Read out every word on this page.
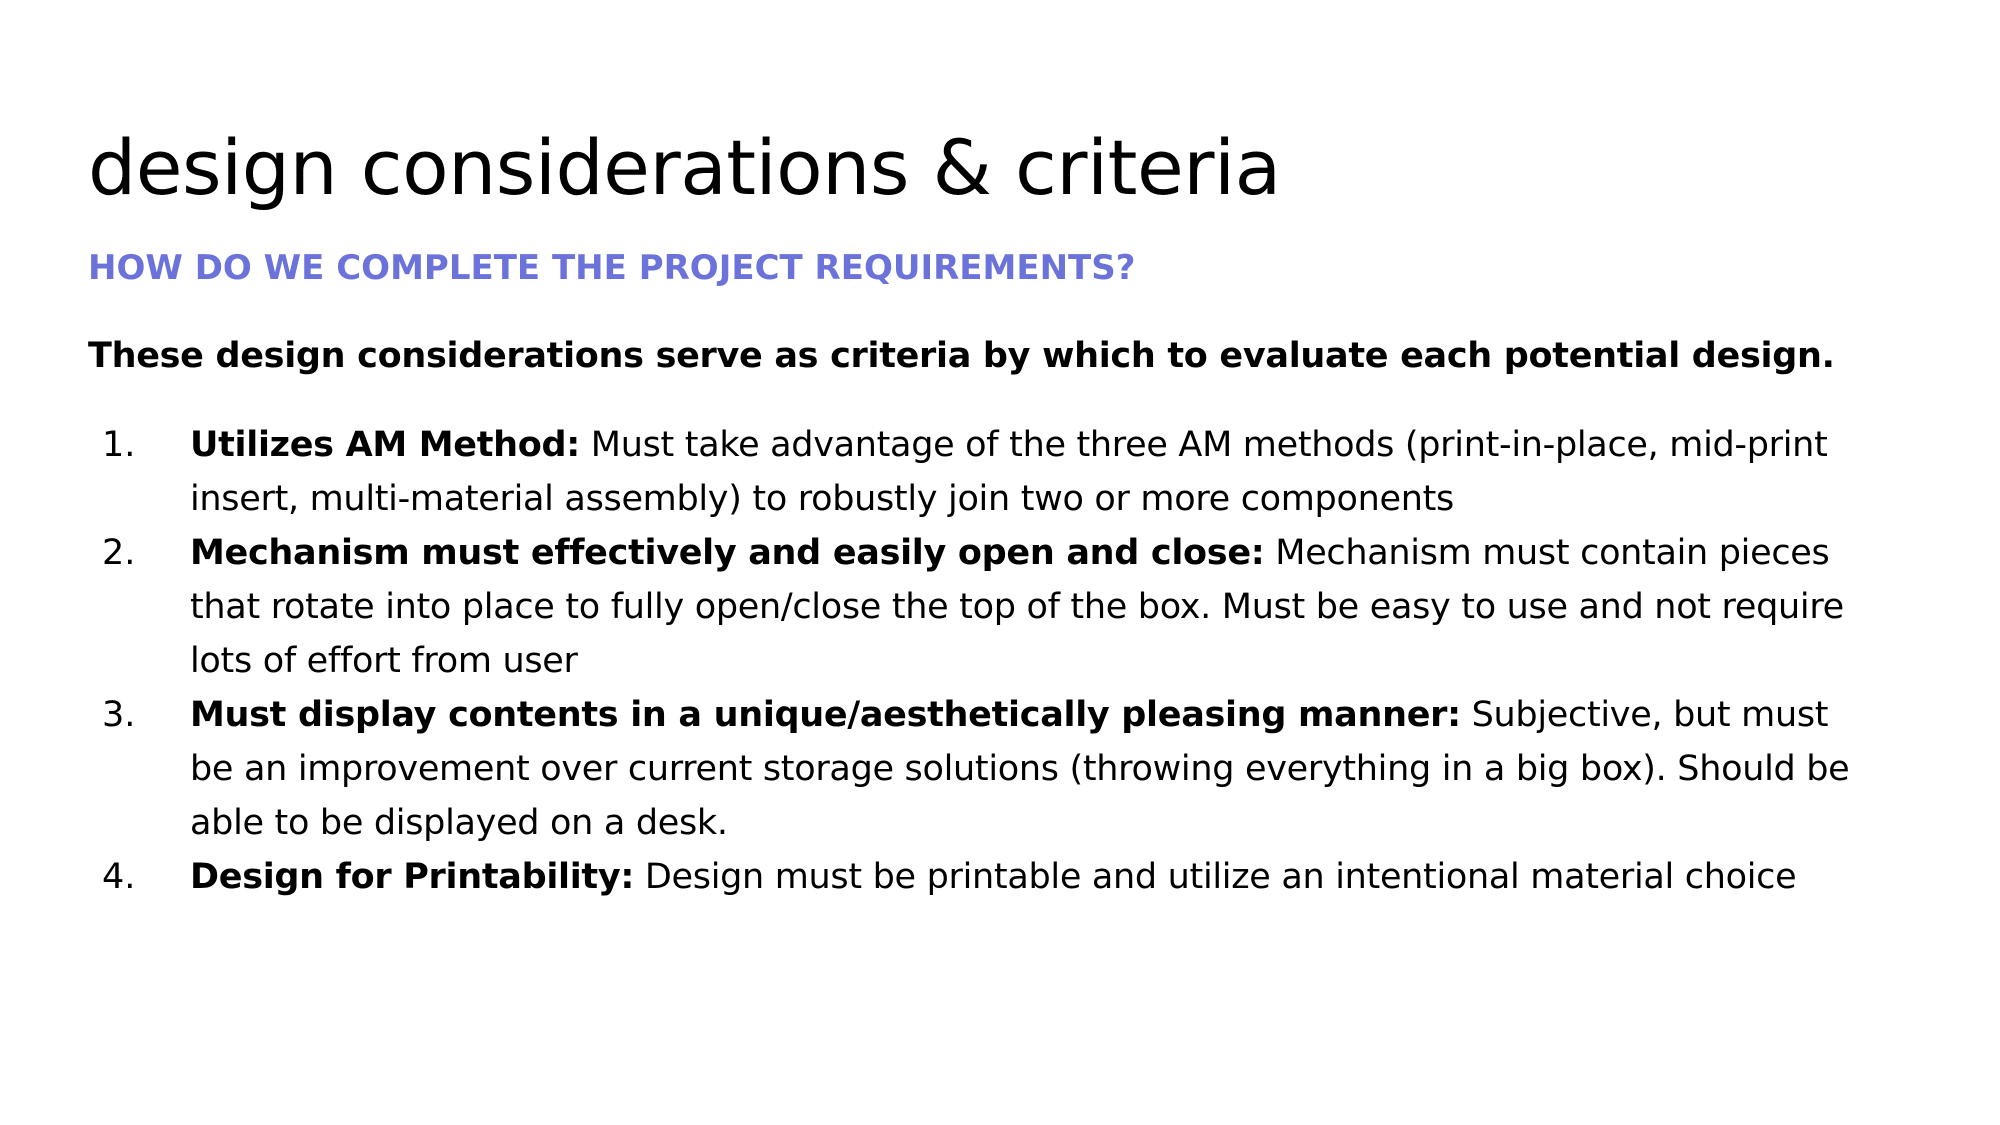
design considerations & criteria
HOW DO WE COMPLETE THE PROJECT REQUIREMENTS?

These design considerations serve as criteria by which to evaluate each potential design.

1.	Utilizes AM Method: Must take advantage of the three AM methods (print-in-place, mid-print insert, multi-material assembly) to robustly join two or more components
2.	Mechanism must effectively and easily open and close: Mechanism must contain pieces that rotate into place to fully open/close the top of the box. Must be easy to use and not require lots of effort from user
3.	Must display contents in a unique/aesthetically pleasing manner: Subjective, but must be an improvement over current storage solutions (throwing everything in a big box). Should be able to be displayed on a desk.
4.	Design for Printability: Design must be printable and utilize an intentional material choice
